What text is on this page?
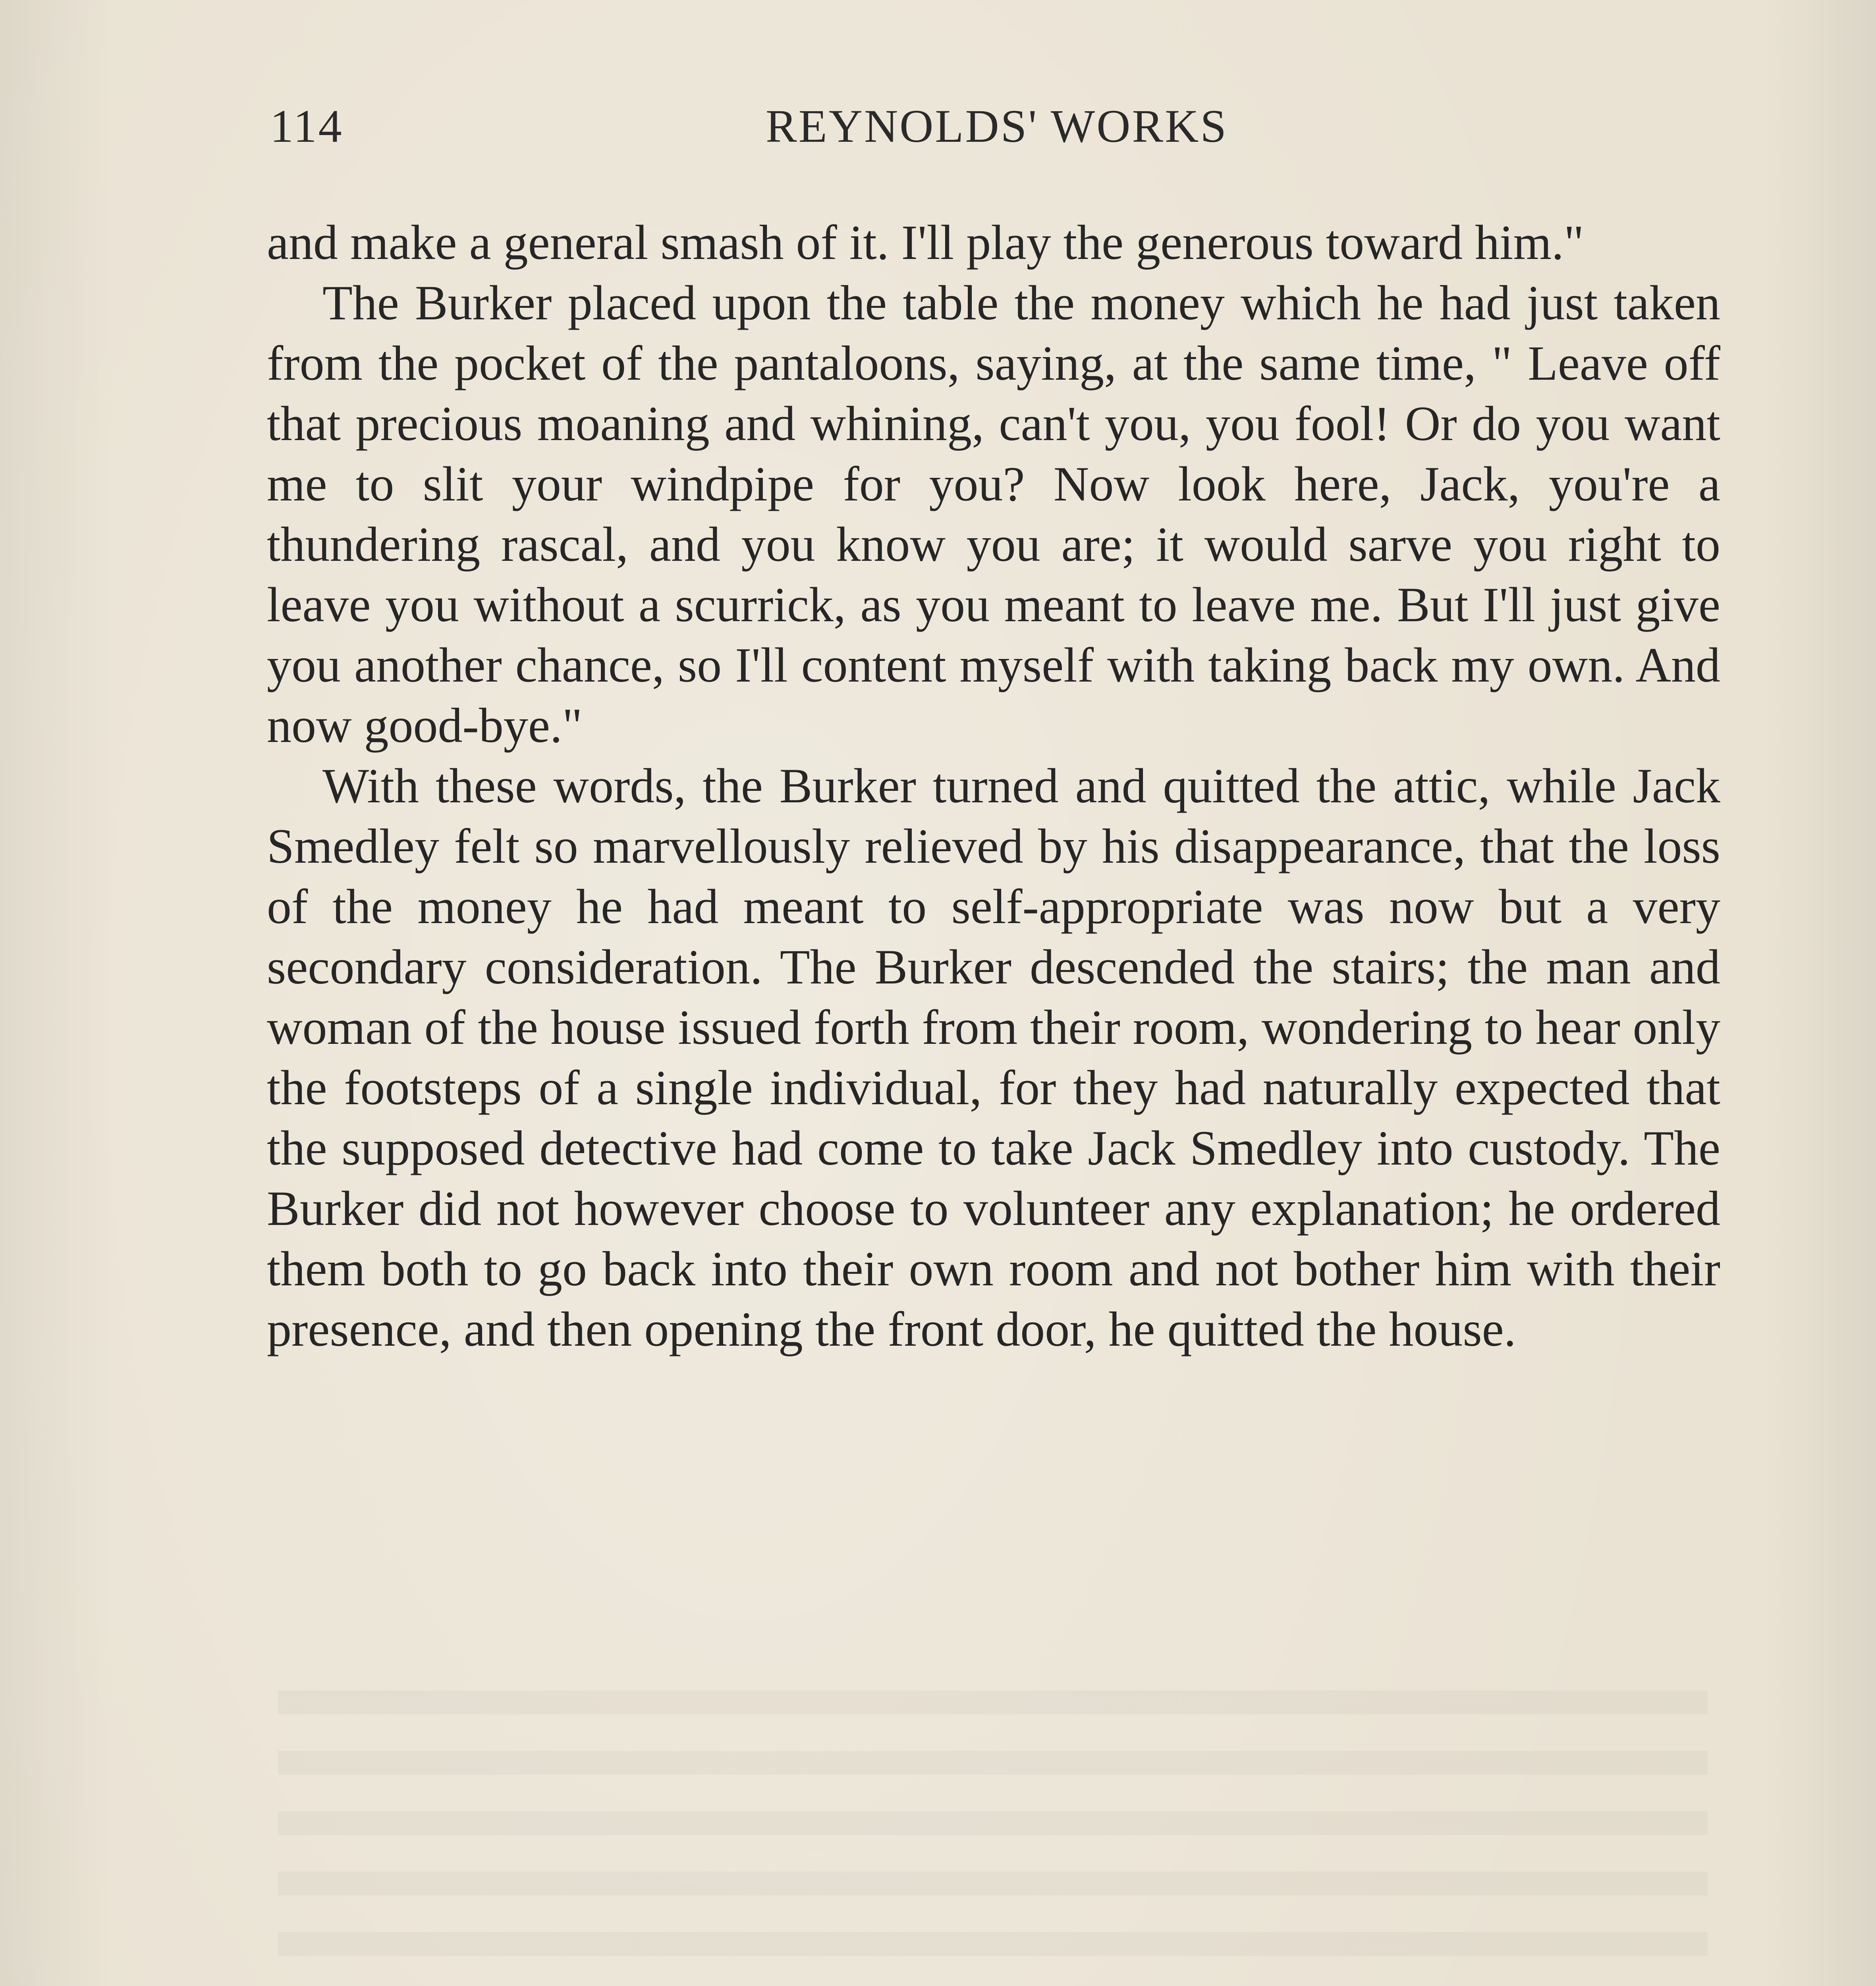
114	REYNOLDS' WORKS

and make a general smash of it. I'll play the generous toward him."

The Burker placed upon the table the money which he had just taken from the pocket of the pantaloons, saying, at the same time, " Leave off that precious moaning and whining, can't you, you fool! Or do you want me to slit your windpipe for you? Now look here, Jack, you're a thundering rascal, and you know you are; it would sarve you right to leave you without a scurrick, as you meant to leave me. But I'll just give you another chance, so I'll content myself with taking back my own. And now good-bye."

With these words, the Burker turned and quitted the attic, while Jack Smedley felt so marvellously relieved by his disappearance, that the loss of the money he had meant to self-appropriate was now but a very secondary consideration. The Burker descended the stairs; the man and woman of the house issued forth from their room, wondering to hear only the footsteps of a single individual, for they had naturally expected that the supposed detective had come to take Jack Smedley into custody. The Burker did not however choose to volunteer any explanation; he ordered them both to go back into their own room and not bother him with their presence, and then opening the front door, he quitted the house.
